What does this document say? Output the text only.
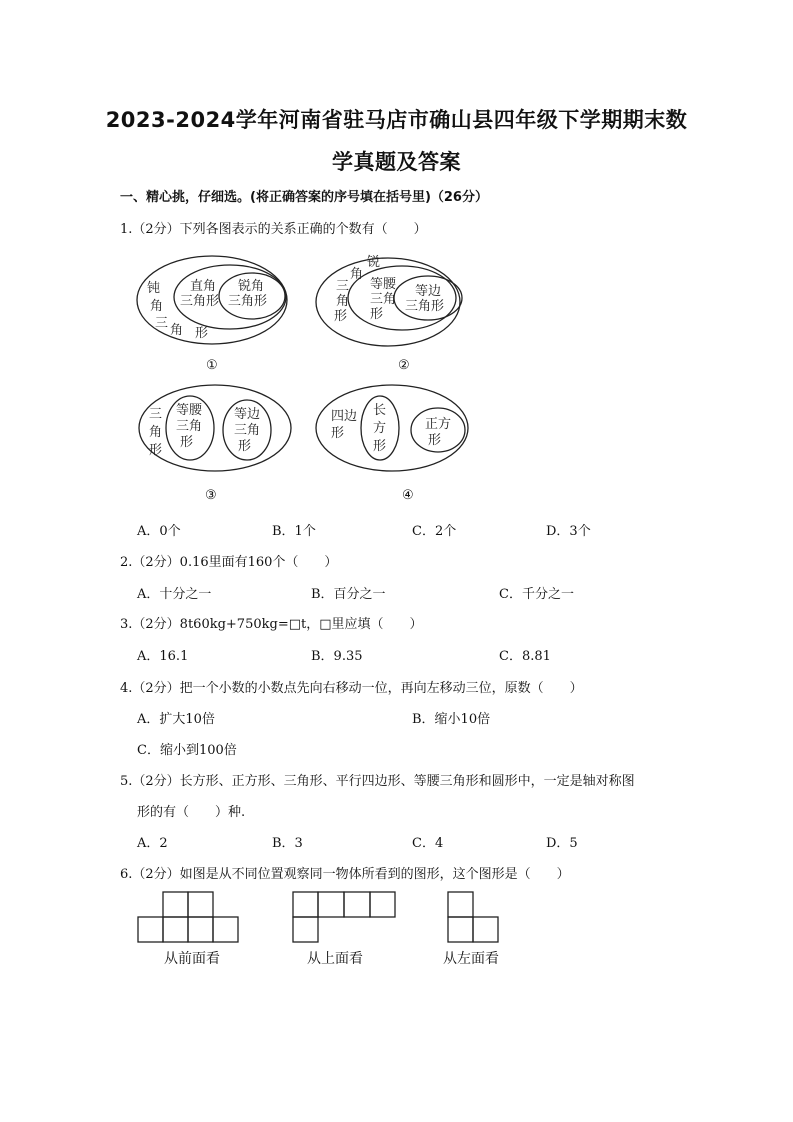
2023-2024学年河南省驻马店市确山县四年级下学期期末数
学真题及答案
一、精心挑，仔细选。(将正确答案的序号填在括号里)（26分）
1.（2分）下列各图表示的关系正确的个数有（　　）
钝
角
三 角 形
直角
三角形
锐角
三角形
锐
角
三
角
形
等腰
三角
形
等边
三角形
三
角
形
等腰
三角
形
等边
三角
形
四边
形
长
方
形
正方
形
①	②
③	④
A．0个	B．1个	C．2个	D．3个
2.（2分）0.16里面有160个（　　）
A．十分之一	B．百分之一	C．千分之一
3.（2分）8t60kg+750kg=□t，□里应填（　　）
A．16.1	B．9.35	C．8.81
4.（2分）把一个小数的小数点先向右移动一位，再向左移动三位，原数（　　）
A．扩大10倍	B．缩小10倍
C．缩小到100倍
5.（2分）长方形、正方形、三角形、平行四边形、等腰三角形和圆形中，一定是轴对称图
形的有（　　）种.
A．2	B．3	C．4	D．5
6.（2分）如图是从不同位置观察同一物体所看到的图形，这个图形是（　　）
从前面看	从上面看	从左面看
